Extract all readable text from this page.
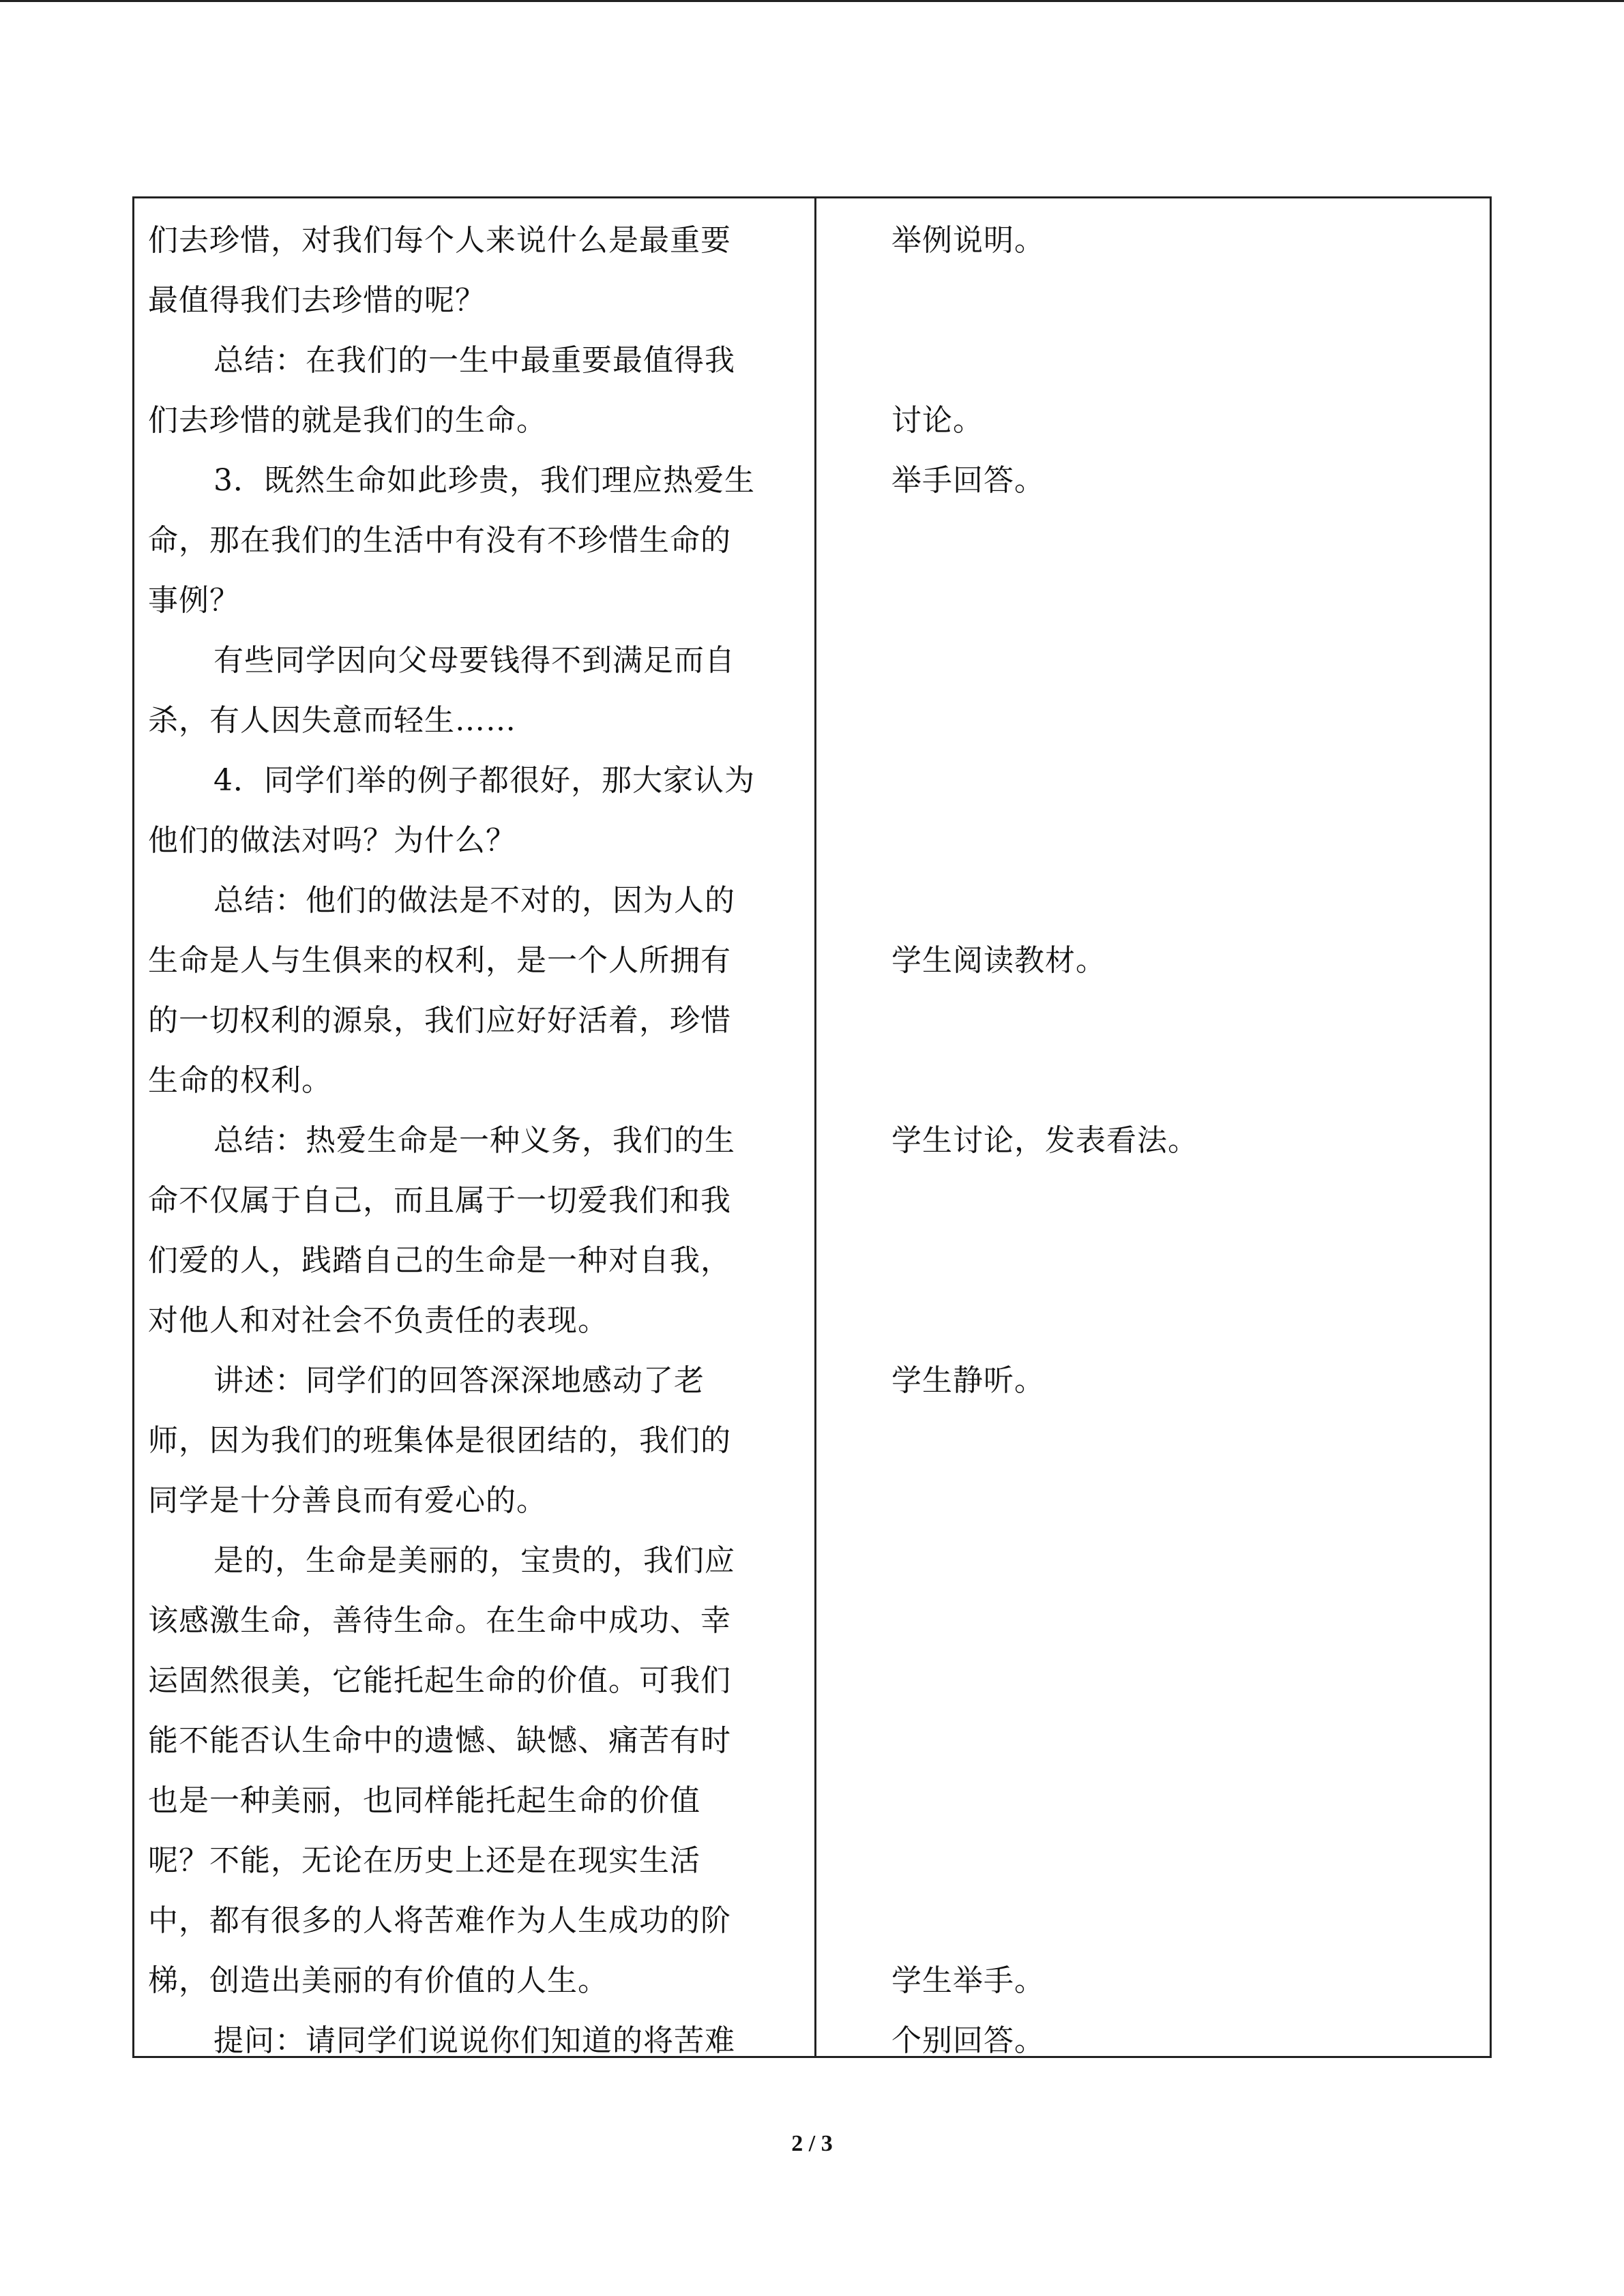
们去珍惜，对我们每个人来说什么是最重要
最值得我们去珍惜的呢？
总结：在我们的一生中最重要最值得我
们去珍惜的就是我们的生命。
3．既然生命如此珍贵，我们理应热爱生
命，那在我们的生活中有没有不珍惜生命的
事例？
有些同学因向父母要钱得不到满足而自
杀，有人因失意而轻生……
4．同学们举的例子都很好，那大家认为
他们的做法对吗？为什么？
总结：他们的做法是不对的，因为人的
生命是人与生俱来的权利，是一个人所拥有
的一切权利的源泉，我们应好好活着，珍惜
生命的权利。
总结：热爱生命是一种义务，我们的生
命不仅属于自己，而且属于一切爱我们和我
们爱的人，践踏自己的生命是一种对自我，
对他人和对社会不负责任的表现。
讲述：同学们的回答深深地感动了老
师，因为我们的班集体是很团结的，我们的
同学是十分善良而有爱心的。
是的，生命是美丽的，宝贵的，我们应
该感激生命，善待生命。在生命中成功、幸
运固然很美，它能托起生命的价值。可我们
能不能否认生命中的遗憾、缺憾、痛苦有时
也是一种美丽，也同样能托起生命的价值
呢？不能，无论在历史上还是在现实生活
中，都有很多的人将苦难作为人生成功的阶
梯，创造出美丽的有价值的人生。
提问：请同学们说说你们知道的将苦难
举例说明。
讨论。
举手回答。
学生阅读教材。
学生讨论，发表看法。
学生静听。
学生举手。
个别回答。
2 / 3
